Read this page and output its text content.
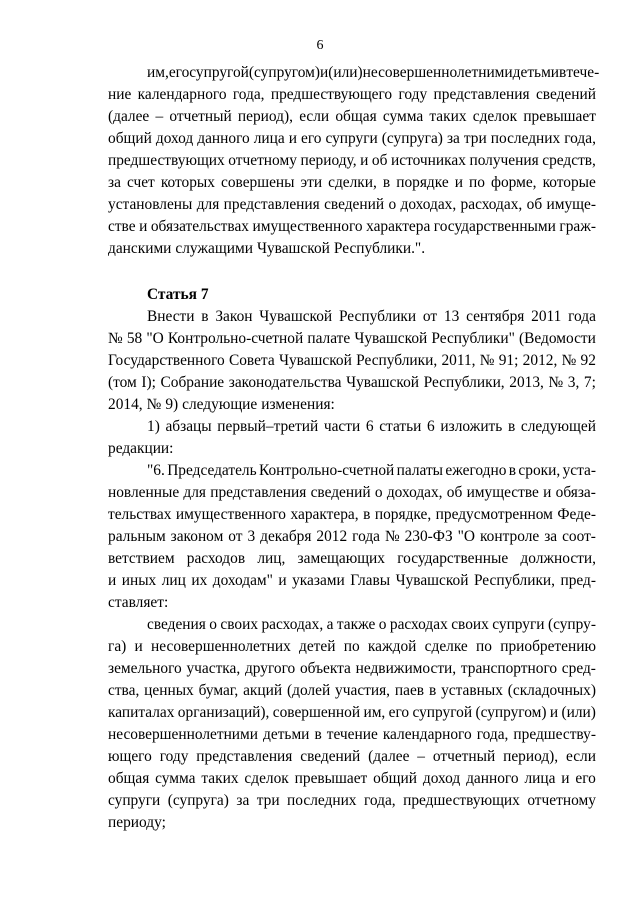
6
им, его супругой (супругом) и (или) несовершеннолетними детьми в тече-
ние календарного года, предшествующего году представления сведений
(далее – отчетный период), если общая сумма таких сделок превышает
общий доход данного лица и его супруги (супруга) за три последних года,
предшествующих отчетному периоду, и об источниках получения средств,
за счет которых совершены эти сделки, в порядке и по форме, которые
установлены для представления сведений о доходах, расходах, об имуще-
стве и обязательствах имущественного характера государственными граж-
данскими служащими Чувашской Республики.".
Статья 7
Внести в Закон Чувашской Республики от 13 сентября 2011 года
№ 58 "О Контрольно-счетной палате Чувашской Республики" (Ведомости
Государственного Совета Чувашской Республики, 2011, № 91; 2012, № 92
(том I); Собрание законодательства Чувашской Республики, 2013, № 3, 7;
2014, № 9) следующие изменения:
1) абзацы первый–третий части 6 статьи 6 изложить в следующей
редакции:
"6. Председатель Контрольно-счетной палаты ежегодно в сроки, уста-
новленные для представления сведений о доходах, об имуществе и обяза-
тельствах имущественного характера, в порядке, предусмотренном Феде-
ральным законом от 3 декабря 2012 года № 230-ФЗ "О контроле за соот-
ветствием расходов лиц, замещающих государственные должности,
и иных лиц их доходам" и указами Главы Чувашской Республики, пред-
ставляет:
сведения о своих расходах, а также о расходах своих супруги (супру-
га) и несовершеннолетних детей по каждой сделке по приобретению
земельного участка, другого объекта недвижимости, транспортного сред-
ства, ценных бумаг, акций (долей участия, паев в уставных (складочных)
капиталах организаций), совершенной им, его супругой (супругом) и (или)
несовершеннолетними детьми в течение календарного года, предшеству-
ющего году представления сведений (далее – отчетный период), если
общая сумма таких сделок превышает общий доход данного лица и его
супруги (супруга) за три последних года, предшествующих отчетному
периоду;
